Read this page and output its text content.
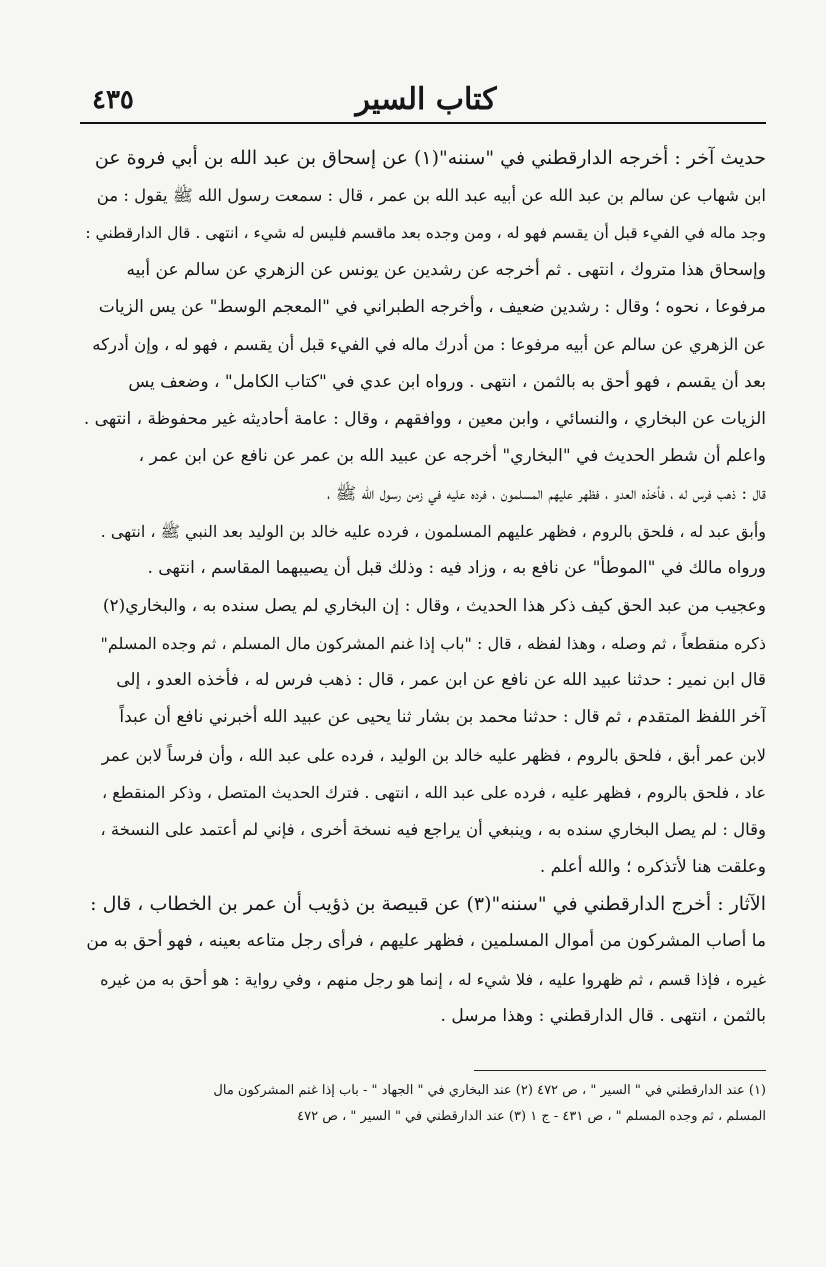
كتاب السير
٤٣٥
حديث آخر : أخرجه الدارقطني في "سننه"(١) عن إسحاق بن عبد الله بن أبي فروة عن
ابن شهاب عن سالم بن عبد الله عن أبيه عبد الله بن عمر ، قال : سمعت رسول الله ﷺ يقول : من
وجد ماله في الفيء قبل أن يقسم فهو له ، ومن وجده بعد ماقسم فليس له شيء ، انتهى . قال الدارقطني :
وإسحاق هذا متروك ، انتهى . ثم أخرجه عن رشدين عن يونس عن الزهري عن سالم عن أبيه
مرفوعا ، نحوه ؛ وقال : رشدين ضعيف ، وأخرجه الطبراني في "المعجم الوسط" عن يس الزيات
عن الزهري عن سالم عن أبيه مرفوعا : من أدرك ماله في الفيء قبل أن يقسم ، فهو له ، وإن أدركه
بعد أن يقسم ، فهو أحق به بالثمن ، انتهى . ورواه ابن عدي في "كتاب الكامل" ، وضعف يس
الزيات عن البخاري ، والنسائي ، وابن معين ، ووافقهم ، وقال : عامة أحاديثه غير محفوظة ، انتهى .
واعلم أن شطر الحديث في "البخاري" أخرجه عن عبيد الله بن عمر عن نافع عن ابن عمر ،
قال : ذهب فرس له ، فأخذه العدو ، فظهر عليهم المسلمون ، فرده عليه في زمن رسول الله ﷺ ،
وأبق عبد له ، فلحق بالروم ، فظهر عليهم المسلمون ، فرده عليه خالد بن الوليد بعد النبي ﷺ ، انتهى .
ورواه مالك في "الموطأ" عن نافع به ، وزاد فيه : وذلك قبل أن يصيبهما المقاسم ، انتهى .
وعجيب من عبد الحق كيف ذكر هذا الحديث ، وقال : إن البخاري لم يصل سنده به ، والبخاري(٢)
ذكره منقطعاً ، ثم وصله ، وهذا لفظه ، قال : "باب إذا غنم المشركون مال المسلم ، ثم وجده المسلم"
قال ابن نمير : حدثنا عبيد الله عن نافع عن ابن عمر ، قال : ذهب فرس له ، فأخذه العدو ، إلى
آخر اللفظ المتقدم ، ثم قال : حدثنا محمد بن بشار ثنا يحيى عن عبيد الله أخبرني نافع أن عبداً
لابن عمر أبق ، فلحق بالروم ، فظهر عليه خالد بن الوليد ، فرده على عبد الله ، وأن فرساً لابن عمر
عاد ، فلحق بالروم ، فظهر عليه ، فرده على عبد الله ، انتهى . فترك الحديث المتصل ، وذكر المنقطع ،
وقال : لم يصل البخاري سنده به ، وينبغي أن يراجع فيه نسخة أخرى ، فإني لم أعتمد على النسخة ،
وعلقت هنا لأتذكره ؛ والله أعلم .
الآثار : أخرج الدارقطني في "سننه"(٣) عن قبيصة بن ذؤيب أن عمر بن الخطاب ، قال :
ما أصاب المشركون من أموال المسلمين ، فظهر عليهم ، فرأى رجل متاعه بعينه ، فهو أحق به من
غيره ، فإذا قسم ، ثم ظهروا عليه ، فلا شيء له ، إنما هو رجل منهم ، وفي رواية : هو أحق به من غيره
بالثمن ، انتهى . قال الدارقطني : وهذا مرسل .
(١) عند الدارقطني في " السير " ، ص ٤٧٢ (٢) عند البخاري في " الجهاد " - باب إذا غنم المشركون مال
المسلم ، ثم وجده المسلم " ، ص ٤٣١ - ج ١ (٣) عند الدارقطني في " السير " ، ص ٤٧٢
